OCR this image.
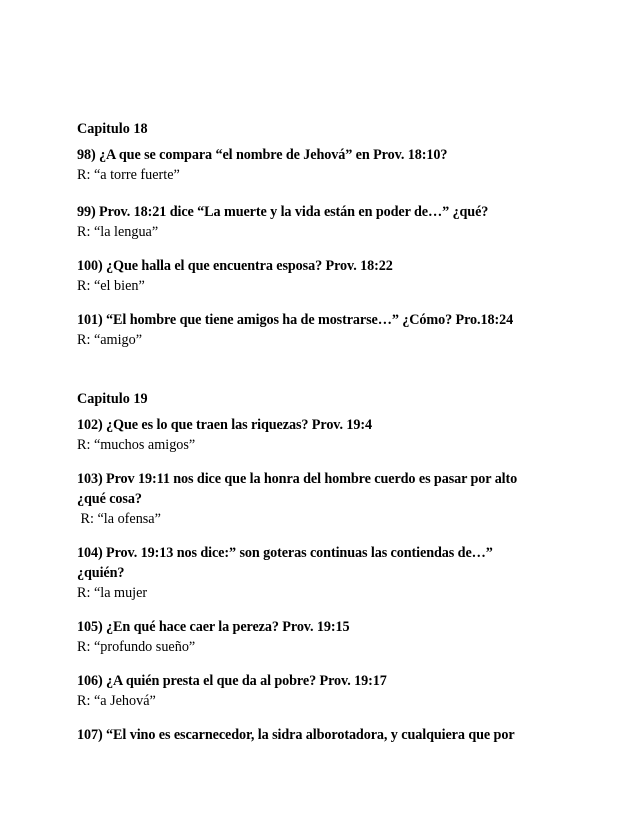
Capitulo 18

98) ¿A que se compara “el nombre de Jehová” en Prov. 18:10?

R: “a torre fuerte”

99) Prov. 18:21 dice “La muerte y la vida están en poder de…” ¿qué?

R: “la lengua”

100) ¿Que halla el que encuentra esposa? Prov. 18:22

R: “el bien”

101) “El hombre que tiene amigos ha de mostrarse…” ¿Cómo? Pro.18:24

R: “amigo”

Capitulo 19

102) ¿Que es lo que traen las riquezas? Prov. 19:4

R: “muchos amigos”

103) Prov 19:11 nos dice que la honra del hombre cuerdo es pasar por alto

¿qué cosa?

R: “la ofensa”

104) Prov. 19:13 nos dice:” son goteras continuas las contiendas de…”

¿quién?

R: “la mujer

105) ¿En qué hace caer la pereza? Prov. 19:15

R: “profundo sueño”

106) ¿A quién presta el que da al pobre? Prov. 19:17

R: “a Jehová”

107) “El vino es escarnecedor, la sidra alborotadora, y cualquiera que por
